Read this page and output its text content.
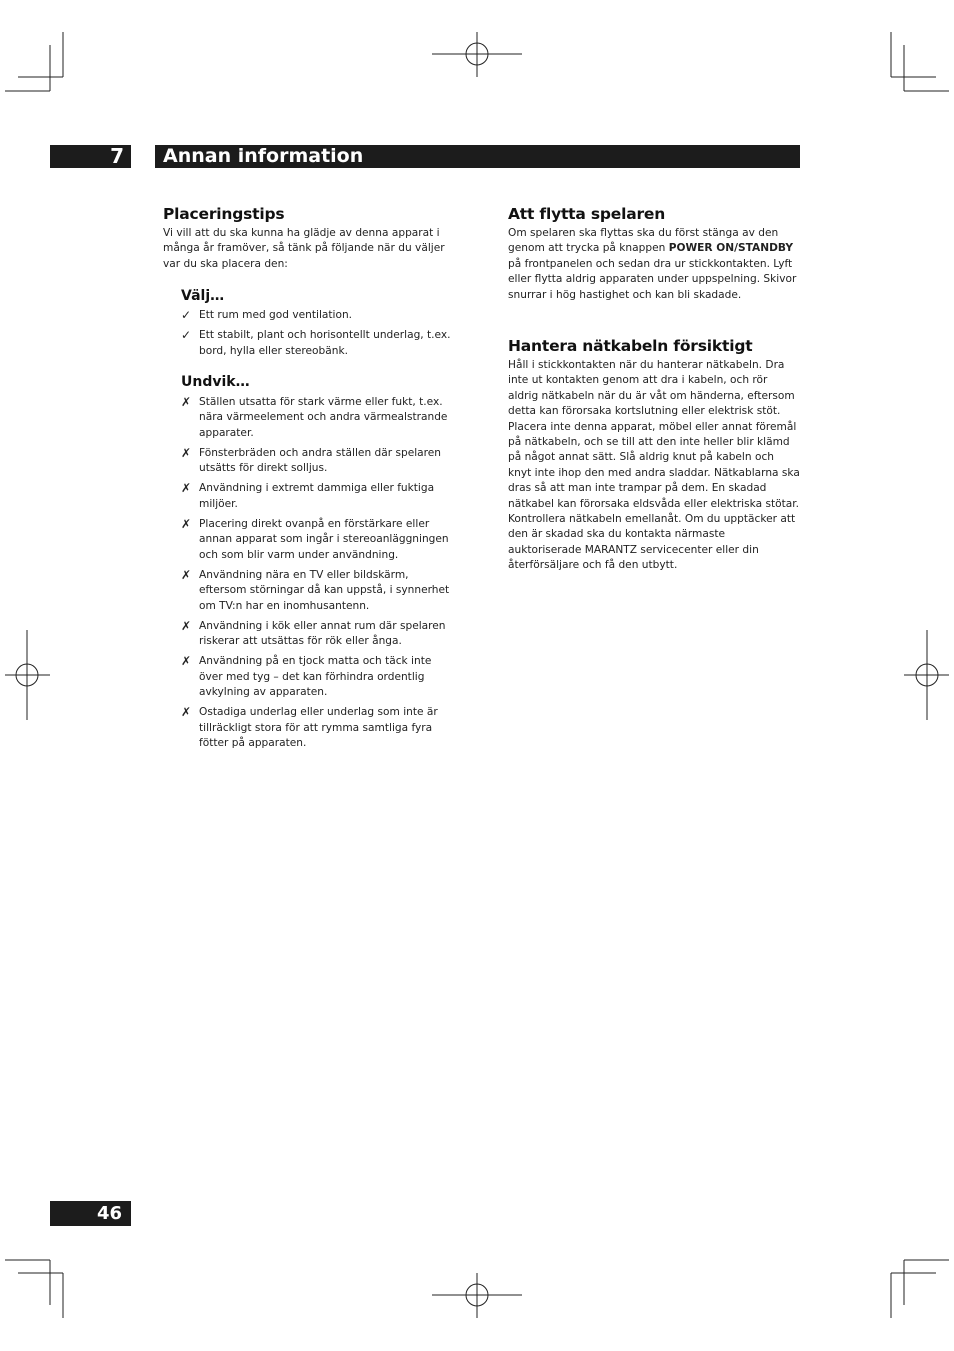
7	Annan information
Placeringstips

Vi vill att du ska kunna ha glädje av denna apparat i många år framöver, så tänk på följande när du väljer var du ska placera den:

Välj…
✓ Ett rum med god ventilation.
✓ Ett stabilt, plant och horisontellt underlag, t.ex. bord, hylla eller stereobänk.
Undvik…
✗ Ställen utsatta för stark värme eller fukt, t.ex. nära värmeelement och andra värmealstrande apparater.
✗ Fönsterbräden och andra ställen där spelaren utsätts för direkt solljus.
✗ Användning i extremt dammiga eller fuktiga miljöer.
✗ Placering direkt ovanpå en förstärkare eller annan apparat som ingår i stereoanläggningen och som blir varm under användning.
✗ Användning nära en TV eller bildskärm, eftersom störningar då kan uppstå, i synnerhet om TV:n har en inomhusantenn.
✗ Användning i kök eller annat rum där spelaren riskerar att utsättas för rök eller ånga.
✗ Användning på en tjock matta och täck inte över med tyg – det kan förhindra ordentlig avkylning av apparaten.
✗ Ostadiga underlag eller underlag som inte är tillräckligt stora för att rymma samtliga fyra fötter på apparaten.
Att flytta spelaren

Om spelaren ska flyttas ska du först stänga av den genom att trycka på knappen POWER ON/STANDBY på frontpanelen och sedan dra ur stickkontakten. Lyft eller flytta aldrig apparaten under uppspelning. Skivor snurrar i hög hastighet och kan bli skadade.

Hantera nätkabeln försiktigt

Håll i stickkontakten när du hanterar nätkabeln. Dra inte ut kontakten genom att dra i kabeln, och rör aldrig nätkabeln när du är våt om händerna, eftersom detta kan förorsaka kortslutning eller elektrisk stöt. Placera inte denna apparat, möbel eller annat föremål på nätkabeln, och se till att den inte heller blir klämd på något annat sätt. Slå aldrig knut på kabeln och knyt inte ihop den med andra sladdar. Nätkablarna ska dras så att man inte trampar på dem. En skadad nätkabel kan förorsaka eldsvåda eller elektriska stötar. Kontrollera nätkabeln emellanåt. Om du upptäcker att den är skadad ska du kontakta närmaste auktoriserade MARANTZ servicecenter eller din återförsäljare och få den utbytt.

46
